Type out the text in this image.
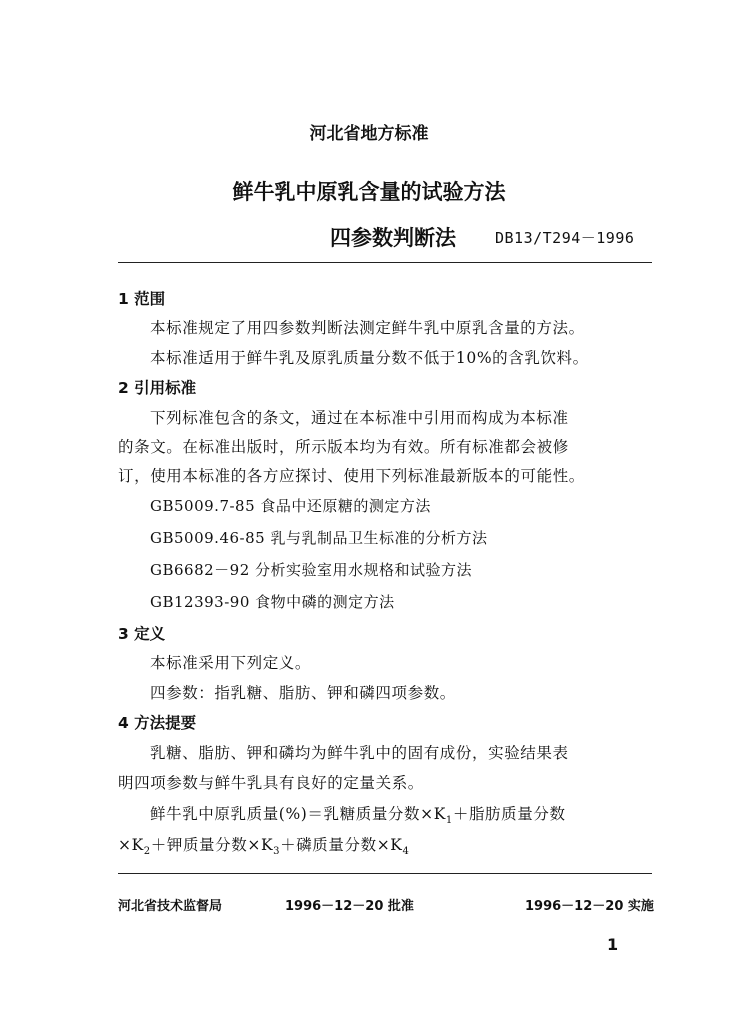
河北省地方标准
鲜牛乳中原乳含量的试验方法
四参数判断法	DB13/T294－1996
1 范围
本标准规定了用四参数判断法测定鲜牛乳中原乳含量的方法。
本标准适用于鲜牛乳及原乳质量分数不低于10%的含乳饮料。
2 引用标准
下列标准包含的条文，通过在本标准中引用而构成为本标准
的条文。在标准出版时，所示版本均为有效。所有标准都会被修
订，使用本标准的各方应探讨、使用下列标准最新版本的可能性。
GB5009.7-85 食品中还原糖的测定方法
GB5009.46-85 乳与乳制品卫生标准的分析方法
GB6682－92 分析实验室用水规格和试验方法
GB12393-90 食物中磷的测定方法
3 定义
本标准采用下列定义。
四参数：指乳糖、脂肪、钾和磷四项参数。
4 方法提要
乳糖、脂肪、钾和磷均为鲜牛乳中的固有成份，实验结果表
明四项参数与鲜牛乳具有良好的定量关系。
鲜牛乳中原乳质量(%)＝乳糖质量分数$\times K_1+$脂肪质量分数
$\times K_2+$钾质量分数$\times K_3+$磷质量分数$\times K_4$
河北省技术监督局	1996－12－20 批准	1996－12－20 实施
1
